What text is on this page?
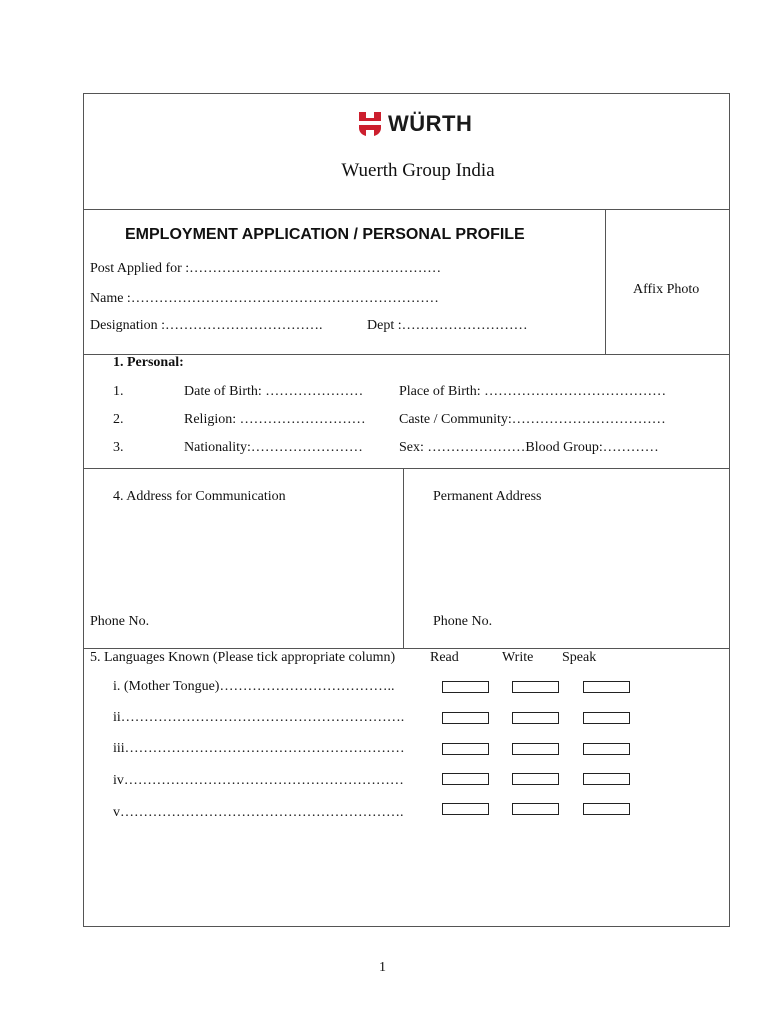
WÜRTH
Wuerth Group India
EMPLOYMENT APPLICATION / PERSONAL PROFILE
Post Applied for :………………………………………………
Name :…………………………………………………………
Designation :…………………………….	Dept :………………………
Affix Photo
1. Personal:
1.	Date of Birth: …………………	Place of Birth: …………………………………
2.	Religion: ……………………… Caste / Community:……………………………
3.	Nationality:……………………	Sex: …………………Blood Group:…………
4. Address for Communication	Permanent Address
Phone No.	Phone No.
5. Languages Known (Please tick appropriate column) Read	Write Speak
i. (Mother Tongue)………………………………..
ii…………………………………………………….
iii……………………………………………………
iv……………………………………………………
v…………………………………………………….
1
